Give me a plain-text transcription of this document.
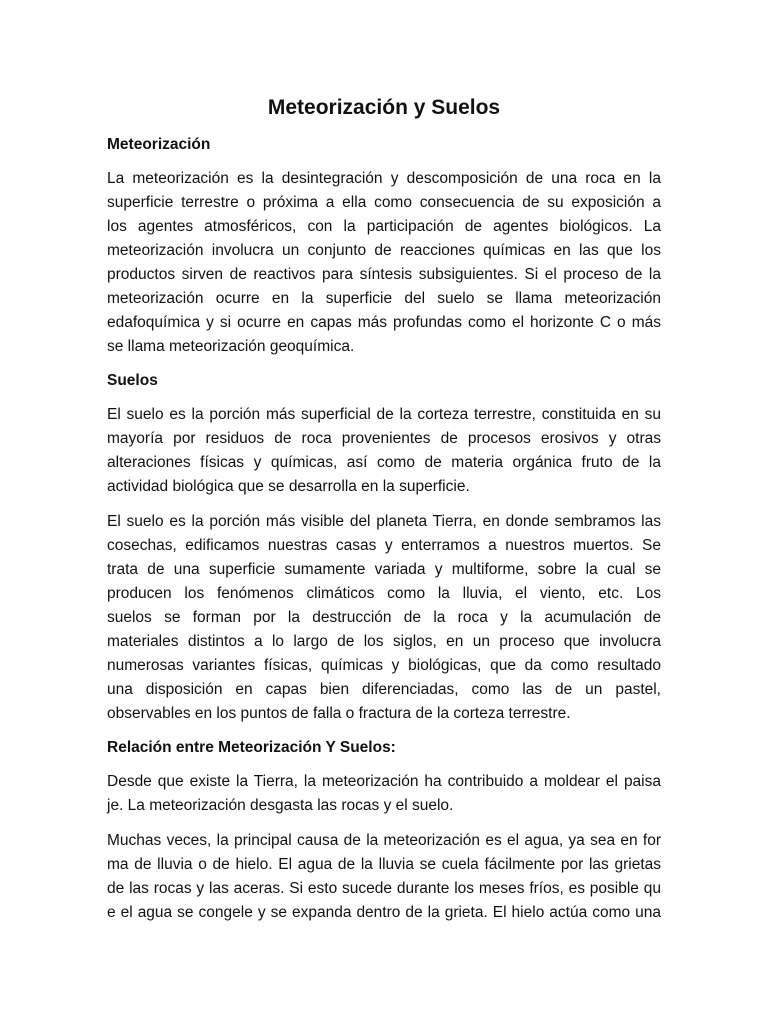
Meteorización y Suelos

Meteorización

La meteorización es la desintegración y descomposición de una roca en la
superficie terrestre o próxima a ella como consecuencia de su exposición a
los agentes atmosféricos, con la participación de agentes biológicos. La
meteorización involucra un conjunto de reacciones químicas en las que los
productos sirven de reactivos para síntesis subsiguientes. Si el proceso de la
meteorización ocurre en la superficie del suelo se llama meteorización
edafoquímica y si ocurre en capas más profundas como el horizonte C o más
se llama meteorización geoquímica.

Suelos

El suelo es la porción más superficial de la corteza terrestre, constituida en su
mayoría por residuos de roca provenientes de procesos erosivos y otras
alteraciones físicas y químicas, así como de materia orgánica fruto de la
actividad biológica que se desarrolla en la superficie.

El suelo es la porción más visible del planeta Tierra, en donde sembramos las
cosechas, edificamos nuestras casas y enterramos a nuestros muertos. Se
trata de una superficie sumamente variada y multiforme, sobre la cual se
producen los fenómenos climáticos como la lluvia, el viento, etc. Los
suelos se forman por la destrucción de la roca y la acumulación de
materiales distintos a lo largo de los siglos, en un proceso que involucra
numerosas variantes físicas, químicas y biológicas, que da como resultado
una disposición en capas bien diferenciadas, como las de un pastel,
observables en los puntos de falla o fractura de la corteza terrestre.

Relación entre Meteorización Y Suelos:

Desde que existe la Tierra, la meteorización ha contribuido a moldear el paisa
je. La meteorización desgasta las rocas y el suelo.

Muchas veces, la principal causa de la meteorización es el agua, ya sea en for
ma de lluvia o de hielo. El agua de la lluvia se cuela fácilmente por las grietas
de las rocas y las aceras. Si esto sucede durante los meses fríos, es posible qu
e el agua se congele y se expanda dentro de la grieta. El hielo actúa como una
